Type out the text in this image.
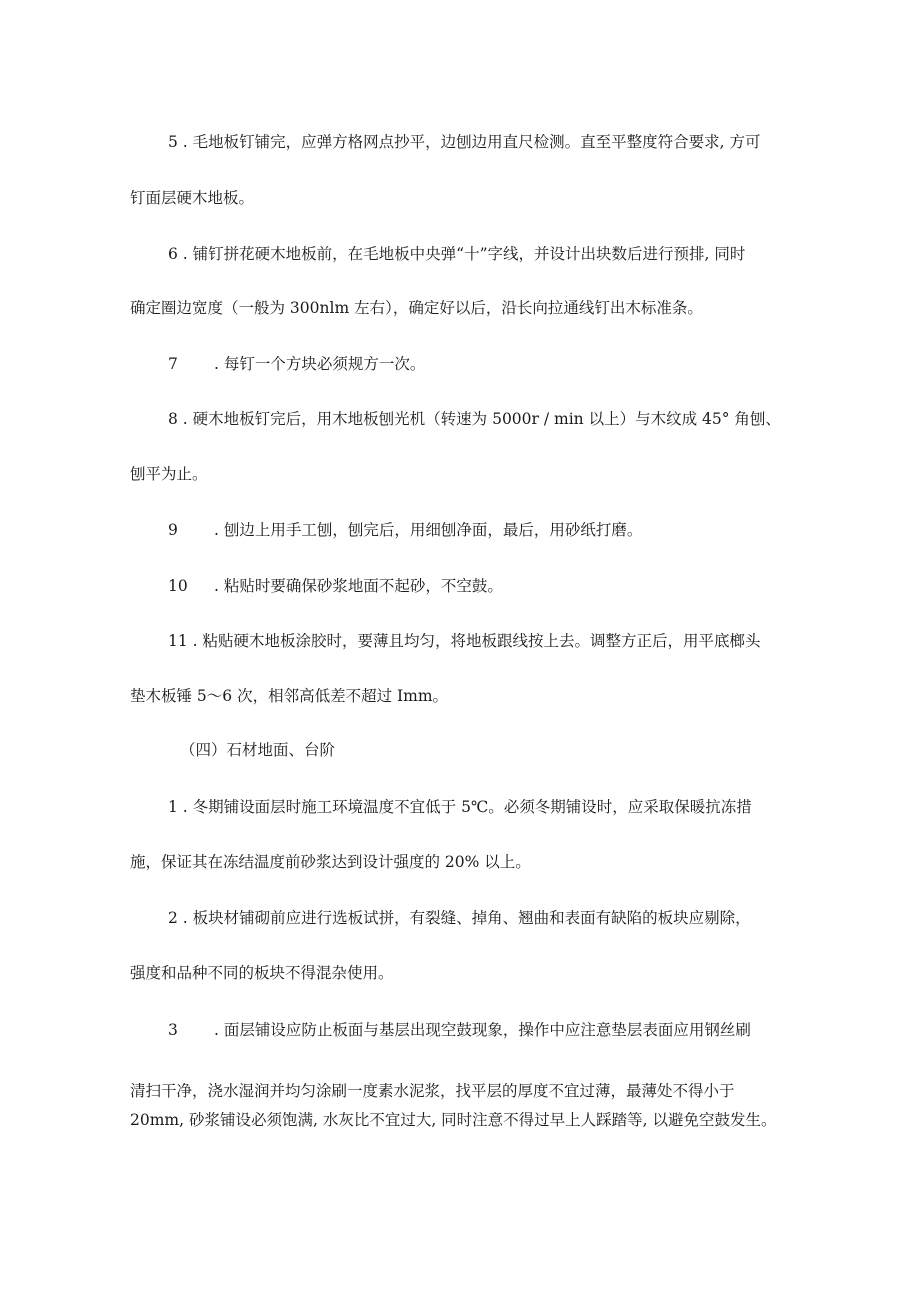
5 . 毛地板钉铺完，应弹方格网点抄平，边刨边用直尺检测。直至平整度符合要求, 方可
钉面层硬木地板。
6 . 铺钉拼花硬木地板前，在毛地板中央弹“十”字线，并设计出块数后进行预排, 同时
确定圈边宽度（一般为 300nlm 左右），确定好以后，沿长向拉通线钉出木标准条。
7 . 每钉一个方块必须规方一次。
8 . 硬木地板钉完后，用木地板刨光机（转速为 5000r / min 以上）与木纹成 45° 角刨、
刨平为止。
9 . 刨边上用手工刨，刨完后，用细刨净面，最后，用砂纸打磨。
10 . 粘贴时要确保砂浆地面不起砂，不空鼓。
11 . 粘贴硬木地板涂胶时，要薄且均匀，将地板跟线按上去。调整方正后，用平底榔头
垫木板锤 5～6 次，相邻高低差不超过 Imm。
（四）石材地面、台阶
1 . 冬期铺设面层时施工环境温度不宜低于 5℃。必须冬期铺设时，应采取保暖抗冻措
施，保证其在冻结温度前砂浆达到设计强度的 20% 以上。
2 . 板块材铺砌前应进行选板试拼，有裂缝、掉角、翘曲和表面有缺陷的板块应剔除，
强度和品种不同的板块不得混杂使用。
3 . 面层铺设应防止板面与基层出现空鼓现象，操作中应注意垫层表面应用钢丝刷
清扫干净，浇水湿润并均匀涂刷一度素水泥浆，找平层的厚度不宜过薄，最薄处不得小于
20mm, 砂浆铺设必须饱满, 水灰比不宜过大, 同时注意不得过早上人踩踏等, 以避免空鼓发生。
